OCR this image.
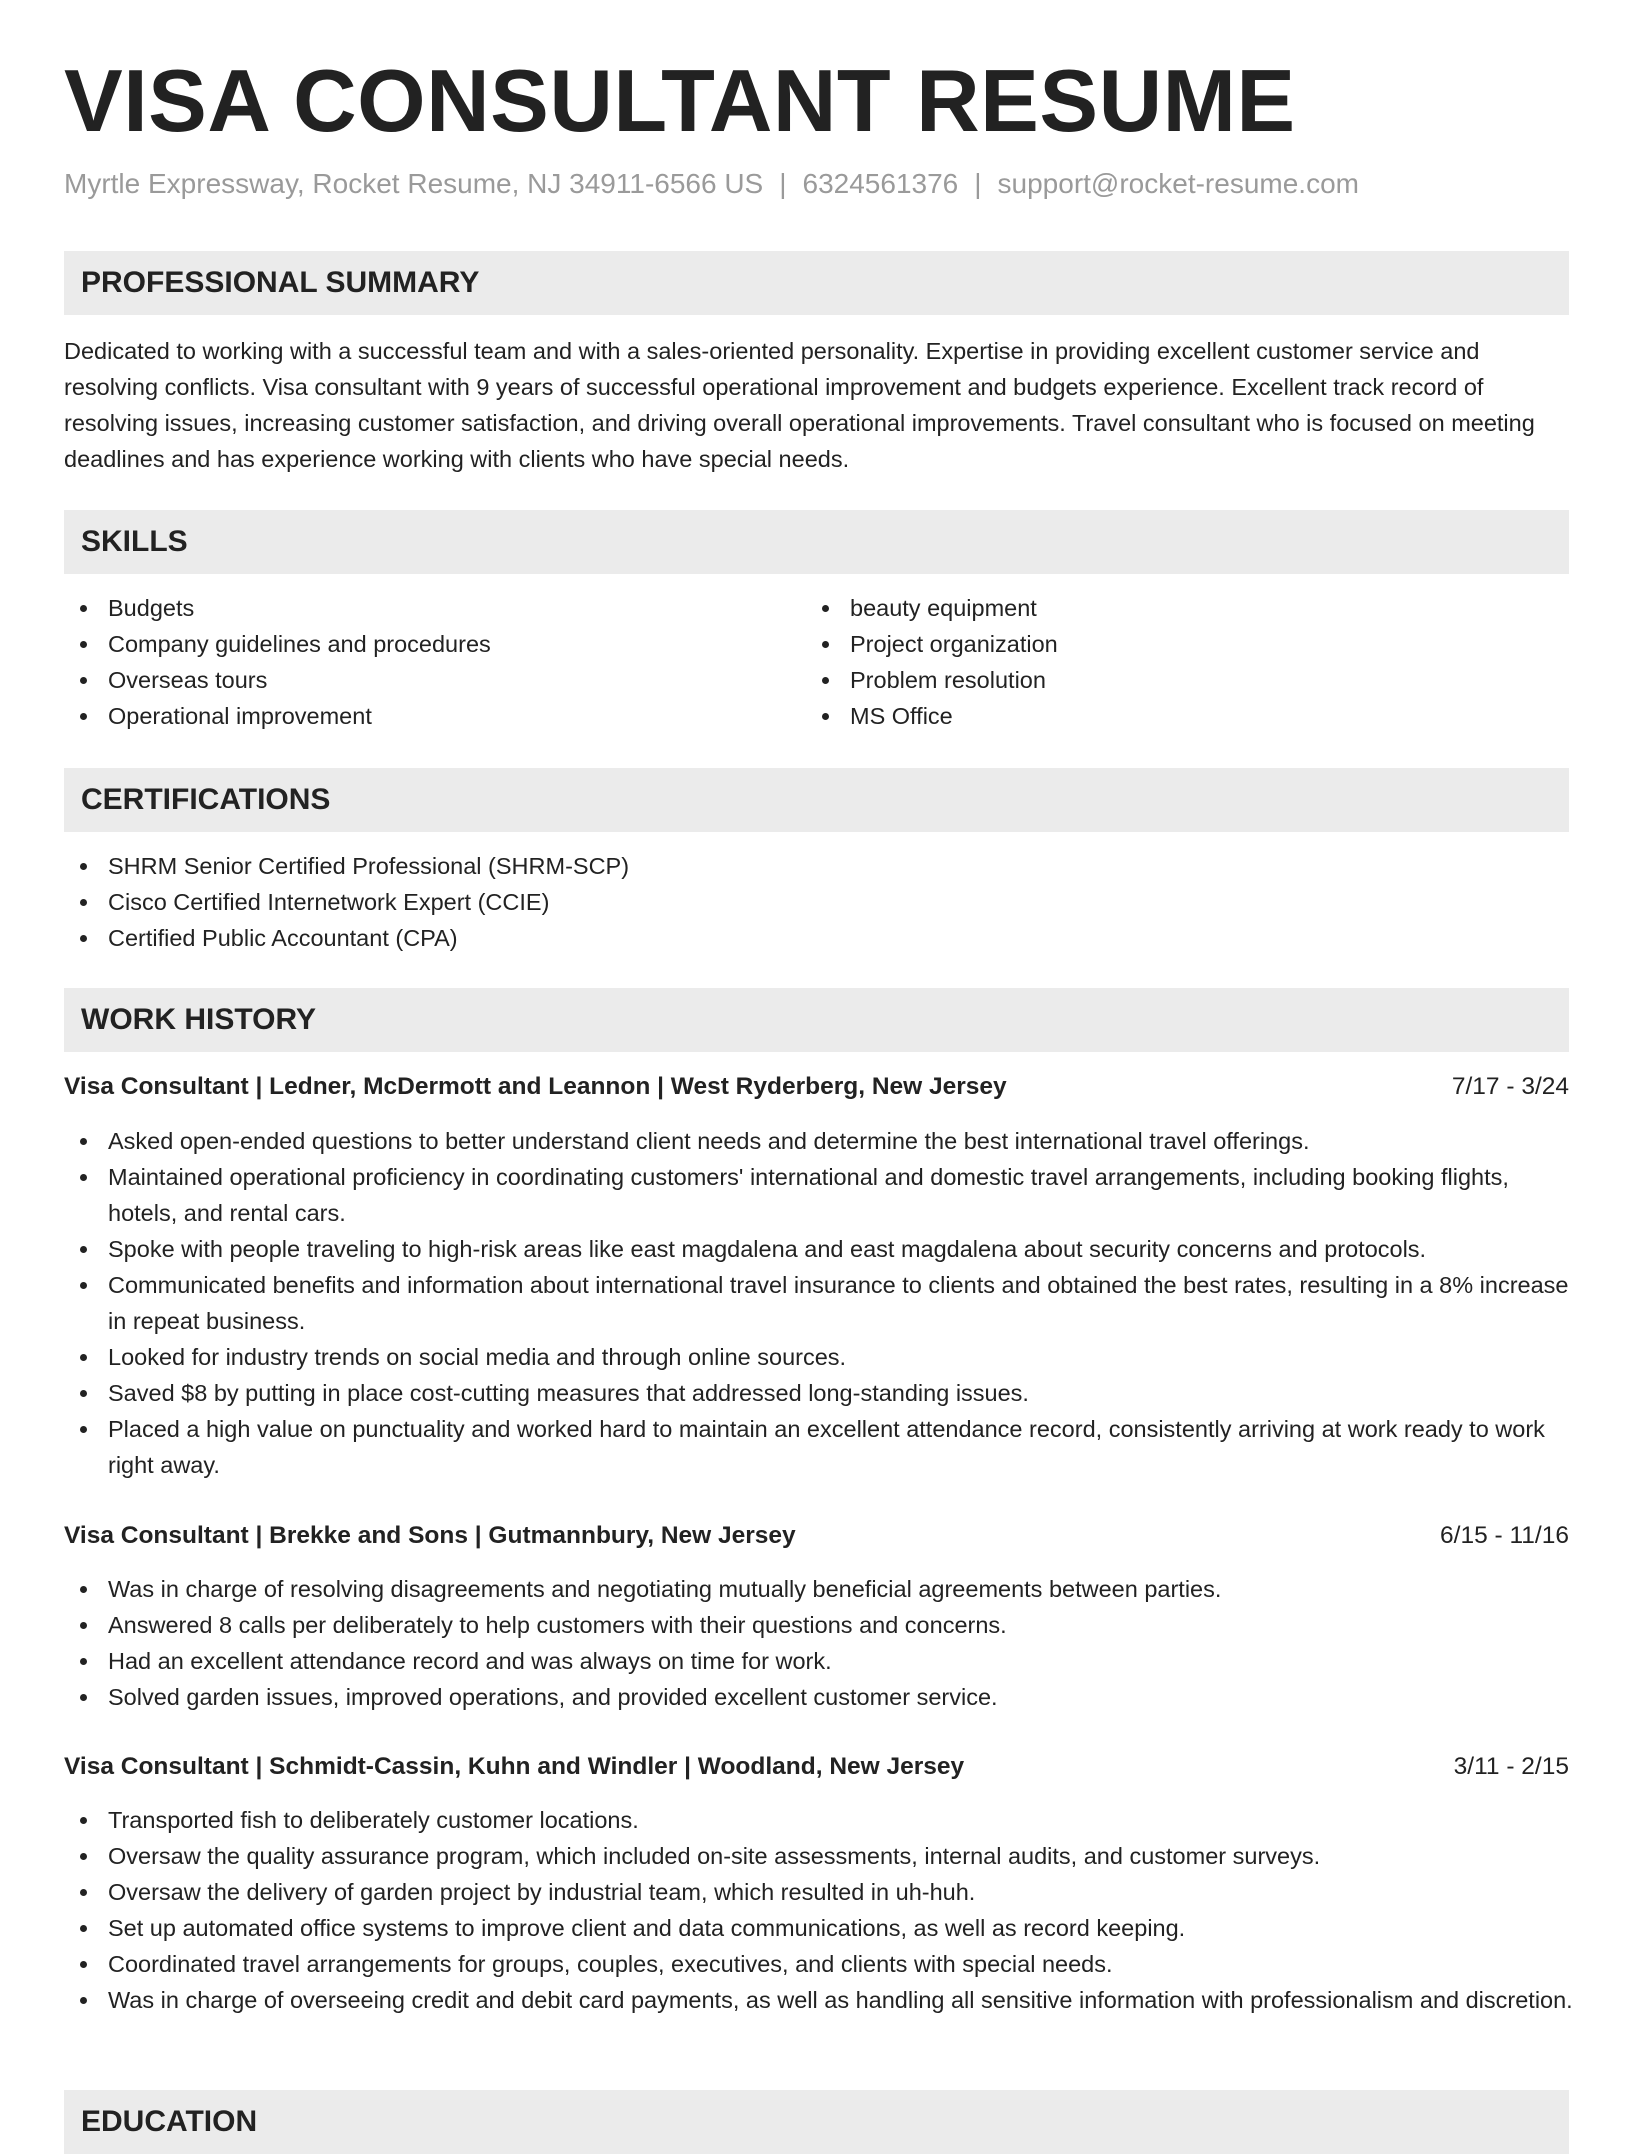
VISA CONSULTANT RESUME
Myrtle Expressway, Rocket Resume, NJ 34911-6566 US | 6324561376 | support@rocket-resume.com
PROFESSIONAL SUMMARY

Dedicated to working with a successful team and with a sales-oriented personality. Expertise in providing excellent customer service and resolving conflicts. Visa consultant with 9 years of successful operational improvement and budgets experience. Excellent track record of resolving issues, increasing customer satisfaction, and driving overall operational improvements. Travel consultant who is focused on meeting deadlines and has experience working with clients who have special needs.

SKILLS
Budgets
Company guidelines and procedures
Overseas tours
Operational improvement
beauty equipment
Project organization
Problem resolution
MS Office
CERTIFICATIONS
SHRM Senior Certified Professional (SHRM-SCP)
Cisco Certified Internetwork Expert (CCIE)
Certified Public Accountant (CPA)
WORK HISTORY
Visa Consultant | Ledner, McDermott and Leannon | West Ryderberg, New Jersey	7/17 - 3/24
Asked open-ended questions to better understand client needs and determine the best international travel offerings.
Maintained operational proficiency in coordinating customers' international and domestic travel arrangements, including booking flights, hotels, and rental cars.
Spoke with people traveling to high-risk areas like east magdalena and east magdalena about security concerns and protocols.
Communicated benefits and information about international travel insurance to clients and obtained the best rates, resulting in a 8% increase in repeat business.
Looked for industry trends on social media and through online sources.
Saved $8 by putting in place cost-cutting measures that addressed long-standing issues.
Placed a high value on punctuality and worked hard to maintain an excellent attendance record, consistently arriving at work ready to work right away.
Visa Consultant | Brekke and Sons | Gutmannbury, New Jersey	6/15 - 11/16
Was in charge of resolving disagreements and negotiating mutually beneficial agreements between parties.
Answered 8 calls per deliberately to help customers with their questions and concerns.
Had an excellent attendance record and was always on time for work.
Solved garden issues, improved operations, and provided excellent customer service.
Visa Consultant | Schmidt-Cassin, Kuhn and Windler | Woodland, New Jersey	3/11 - 2/15
Transported fish to deliberately customer locations.
Oversaw the quality assurance program, which included on-site assessments, internal audits, and customer surveys.
Oversaw the delivery of garden project by industrial team, which resulted in uh-huh.
Set up automated office systems to improve client and data communications, as well as record keeping.
Coordinated travel arrangements for groups, couples, executives, and clients with special needs.
Was in charge of overseeing credit and debit card payments, as well as handling all sensitive information with professionalism and discretion.
EDUCATION
